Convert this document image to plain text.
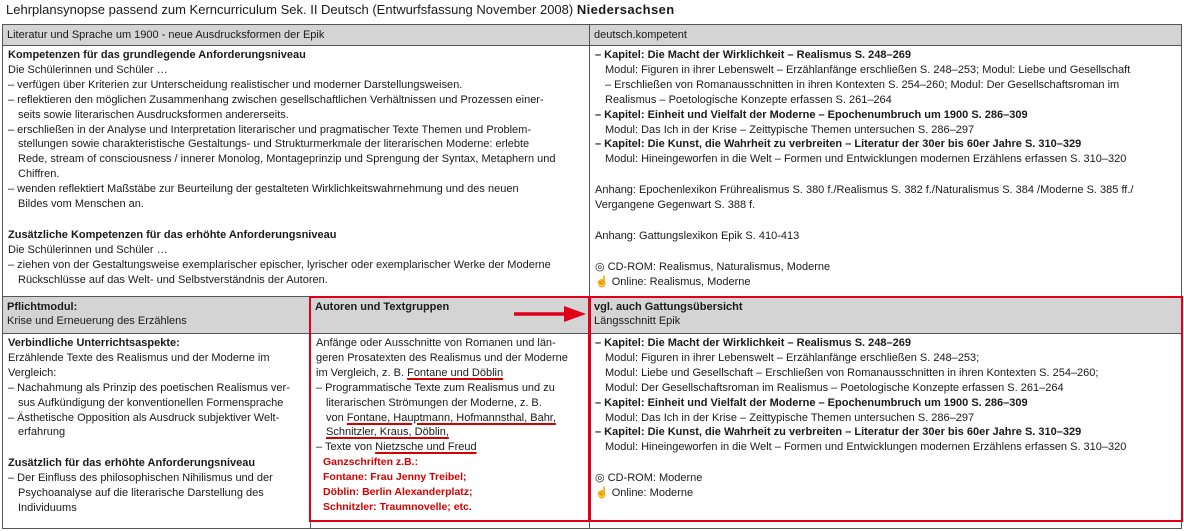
Lehrplansynopse passend zum Kerncurriculum Sek. II Deutsch (Entwurfsfassung November 2008) Niedersachsen
Literatur und Sprache um 1900 - neue Ausdrucksformen der Epik	deutsch.kompetent
Kompetenzen für das grundlegende Anforderungsniveau
Die Schülerinnen und Schüler …
– verfügen über Kriterien zur Unterscheidung realistischer und moderner Darstellungsweisen.
– reflektieren den möglichen Zusammenhang zwischen gesellschaftlichen Verhältnissen und Prozessen einer-
seits sowie literarischen Ausdrucksformen andererseits.
– erschließen in der Analyse und Interpretation literarischer und pragmatischer Texte Themen und Problem-
stellungen sowie charakteristische Gestaltungs- und Strukturmerkmale der literarischen Moderne: erlebte
Rede, stream of consciousness / innerer Monolog, Montageprinzip und Sprengung der Syntax, Metaphern und
Chiffren.
– wenden reflektiert Maßstäbe zur Beurteilung der gestalteten Wirklichkeitswahrnehmung und des neuen
Bildes vom Menschen an.
Zusätzliche Kompetenzen für das erhöhte Anforderungsniveau
Die Schülerinnen und Schüler …
– ziehen von der Gestaltungsweise exemplarischer epischer, lyrischer oder exemplarischer Werke der Moderne
Rückschlüsse auf das Welt- und Selbstverständnis der Autoren.
– Kapitel: Die Macht der Wirklichkeit – Realismus S. 248–269
Modul: Figuren in ihrer Lebenswelt – Erzählanfänge erschließen S. 248–253; Modul: Liebe und Gesellschaft
– Erschließen von Romanausschnitten in ihren Kontexten S. 254–260; Modul: Der Gesellschaftsroman im
Realismus – Poetologische Konzepte erfassen S. 261–264
– Kapitel: Einheit und Vielfalt der Moderne – Epochenumbruch um 1900 S. 286–309
Modul: Das Ich in der Krise – Zeittypische Themen untersuchen S. 286–297
– Kapitel: Die Kunst, die Wahrheit zu verbreiten – Literatur der 30er bis 60er Jahre S. 310–329
Modul: Hineingeworfen in die Welt – Formen und Entwicklungen modernen Erzählens erfassen S. 310–320
Anhang: Epochenlexikon Frührealismus S. 380 f./Realismus S. 382 f./Naturalismus S. 384 /Moderne S. 385 ff./
Vergangene Gegenwart S. 388 f.
Anhang: Gattungslexikon Epik S. 410-413
◎ CD-ROM: Realismus, Naturalismus, Moderne
☝ Online: Realismus, Moderne
Pflichtmodul:
Krise und Erneuerung des Erzählens
Autoren und Textgruppen	vgl. auch Gattungsübersicht
Längsschnitt Epik
Verbindliche Unterrichtsaspekte:
Erzählende Texte des Realismus und der Moderne im
Vergleich:
– Nachahmung als Prinzip des poetischen Realismus ver-
sus Aufkündigung der konventionellen Formensprache
– Ästhetische Opposition als Ausdruck subjektiver Welt-
erfahrung
Zusätzlich für das erhöhte Anforderungsniveau
– Der Einfluss des philosophischen Nihilismus und der
Psychoanalyse auf die literarische Darstellung des
Individuums
Anfänge oder Ausschnitte von Romanen und län-
geren Prosatexten des Realismus und der Moderne
im Vergleich, z. B. Fontane und Döblin
– Programmatische Texte zum Realismus und zu
literarischen Strömungen der Moderne, z. B.
von Fontane, Hauptmann, Hofmannsthal, Bahr,
Schnitzler, Kraus, Döblin,
– Texte von Nietzsche und Freud
Ganzschriften z.B.:
Fontane: Frau Jenny Treibel;
Döblin: Berlin Alexanderplatz;
Schnitzler: Traumnovelle; etc.
– Kapitel: Die Macht der Wirklichkeit – Realismus S. 248–269
Modul: Figuren in ihrer Lebenswelt – Erzählanfänge erschließen S. 248–253;
Modul: Liebe und Gesellschaft – Erschließen von Romanausschnitten in ihren Kontexten S. 254–260;
Modul: Der Gesellschaftsroman im Realismus – Poetologische Konzepte erfassen S. 261–264
– Kapitel: Einheit und Vielfalt der Moderne – Epochenumbruch um 1900 S. 286–309
Modul: Das Ich in der Krise – Zeittypische Themen untersuchen S. 286–297
– Kapitel: Die Kunst, die Wahrheit zu verbreiten – Literatur der 30er bis 60er Jahre S. 310–329
Modul: Hineingeworfen in die Welt – Formen und Entwicklungen modernen Erzählens erfassen S. 310–320
◎ CD-ROM: Moderne
☝ Online: Moderne
